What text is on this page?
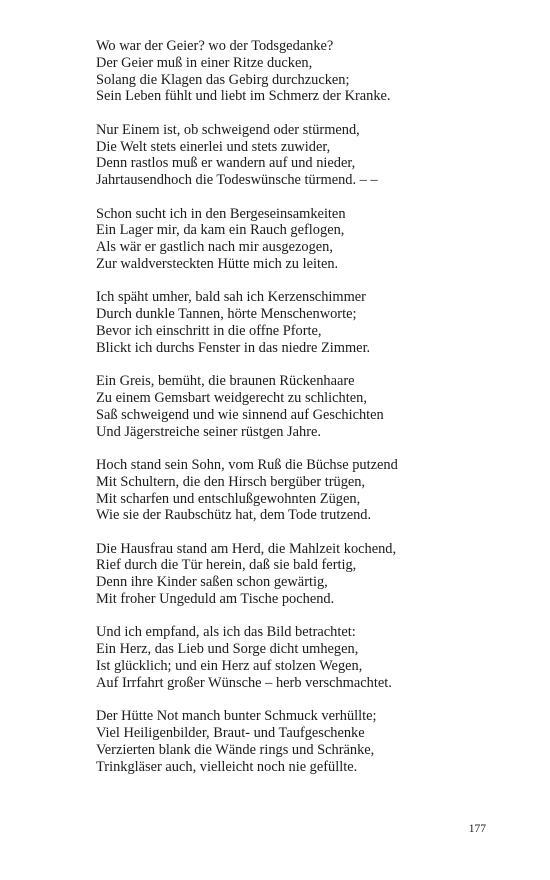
Wo war der Geier? wo der Todsgedanke?
Der Geier muß in einer Ritze ducken,
Solang die Klagen das Gebirg durchzucken;
Sein Leben fühlt und liebt im Schmerz der Kranke.
Nur Einem ist, ob schweigend oder stürmend,
Die Welt stets einerlei und stets zuwider,
Denn rastlos muß er wandern auf und nieder,
Jahrtausendhoch die Todeswünsche türmend. – –
Schon sucht ich in den Bergeseinsamkeiten
Ein Lager mir, da kam ein Rauch geflogen,
Als wär er gastlich nach mir ausgezogen,
Zur waldversteckten Hütte mich zu leiten.
Ich späht umher, bald sah ich Kerzenschimmer
Durch dunkle Tannen, hörte Menschenworte;
Bevor ich einschritt in die offne Pforte,
Blickt ich durchs Fenster in das niedre Zimmer.
Ein Greis, bemüht, die braunen Rückenhaare
Zu einem Gemsbart weidgerecht zu schlichten,
Saß schweigend und wie sinnend auf Geschichten
Und Jägerstreiche seiner rüstgen Jahre.
Hoch stand sein Sohn, vom Ruß die Büchse putzend
Mit Schultern, die den Hirsch bergüber trügen,
Mit scharfen und entschlußgewohnten Zügen,
Wie sie der Raubschütz hat, dem Tode trutzend.
Die Hausfrau stand am Herd, die Mahlzeit kochend,
Rief durch die Tür herein, daß sie bald fertig,
Denn ihre Kinder saßen schon gewärtig,
Mit froher Ungeduld am Tische pochend.
Und ich empfand, als ich das Bild betrachtet:
Ein Herz, das Lieb und Sorge dicht umhegen,
Ist glücklich; und ein Herz auf stolzen Wegen,
Auf Irrfahrt großer Wünsche – herb verschmachtet.
Der Hütte Not manch bunter Schmuck verhüllte;
Viel Heiligenbilder, Braut- und Taufgeschenke
Verzierten blank die Wände rings und Schränke,
Trinkgläser auch, vielleicht noch nie gefüllte.
177
